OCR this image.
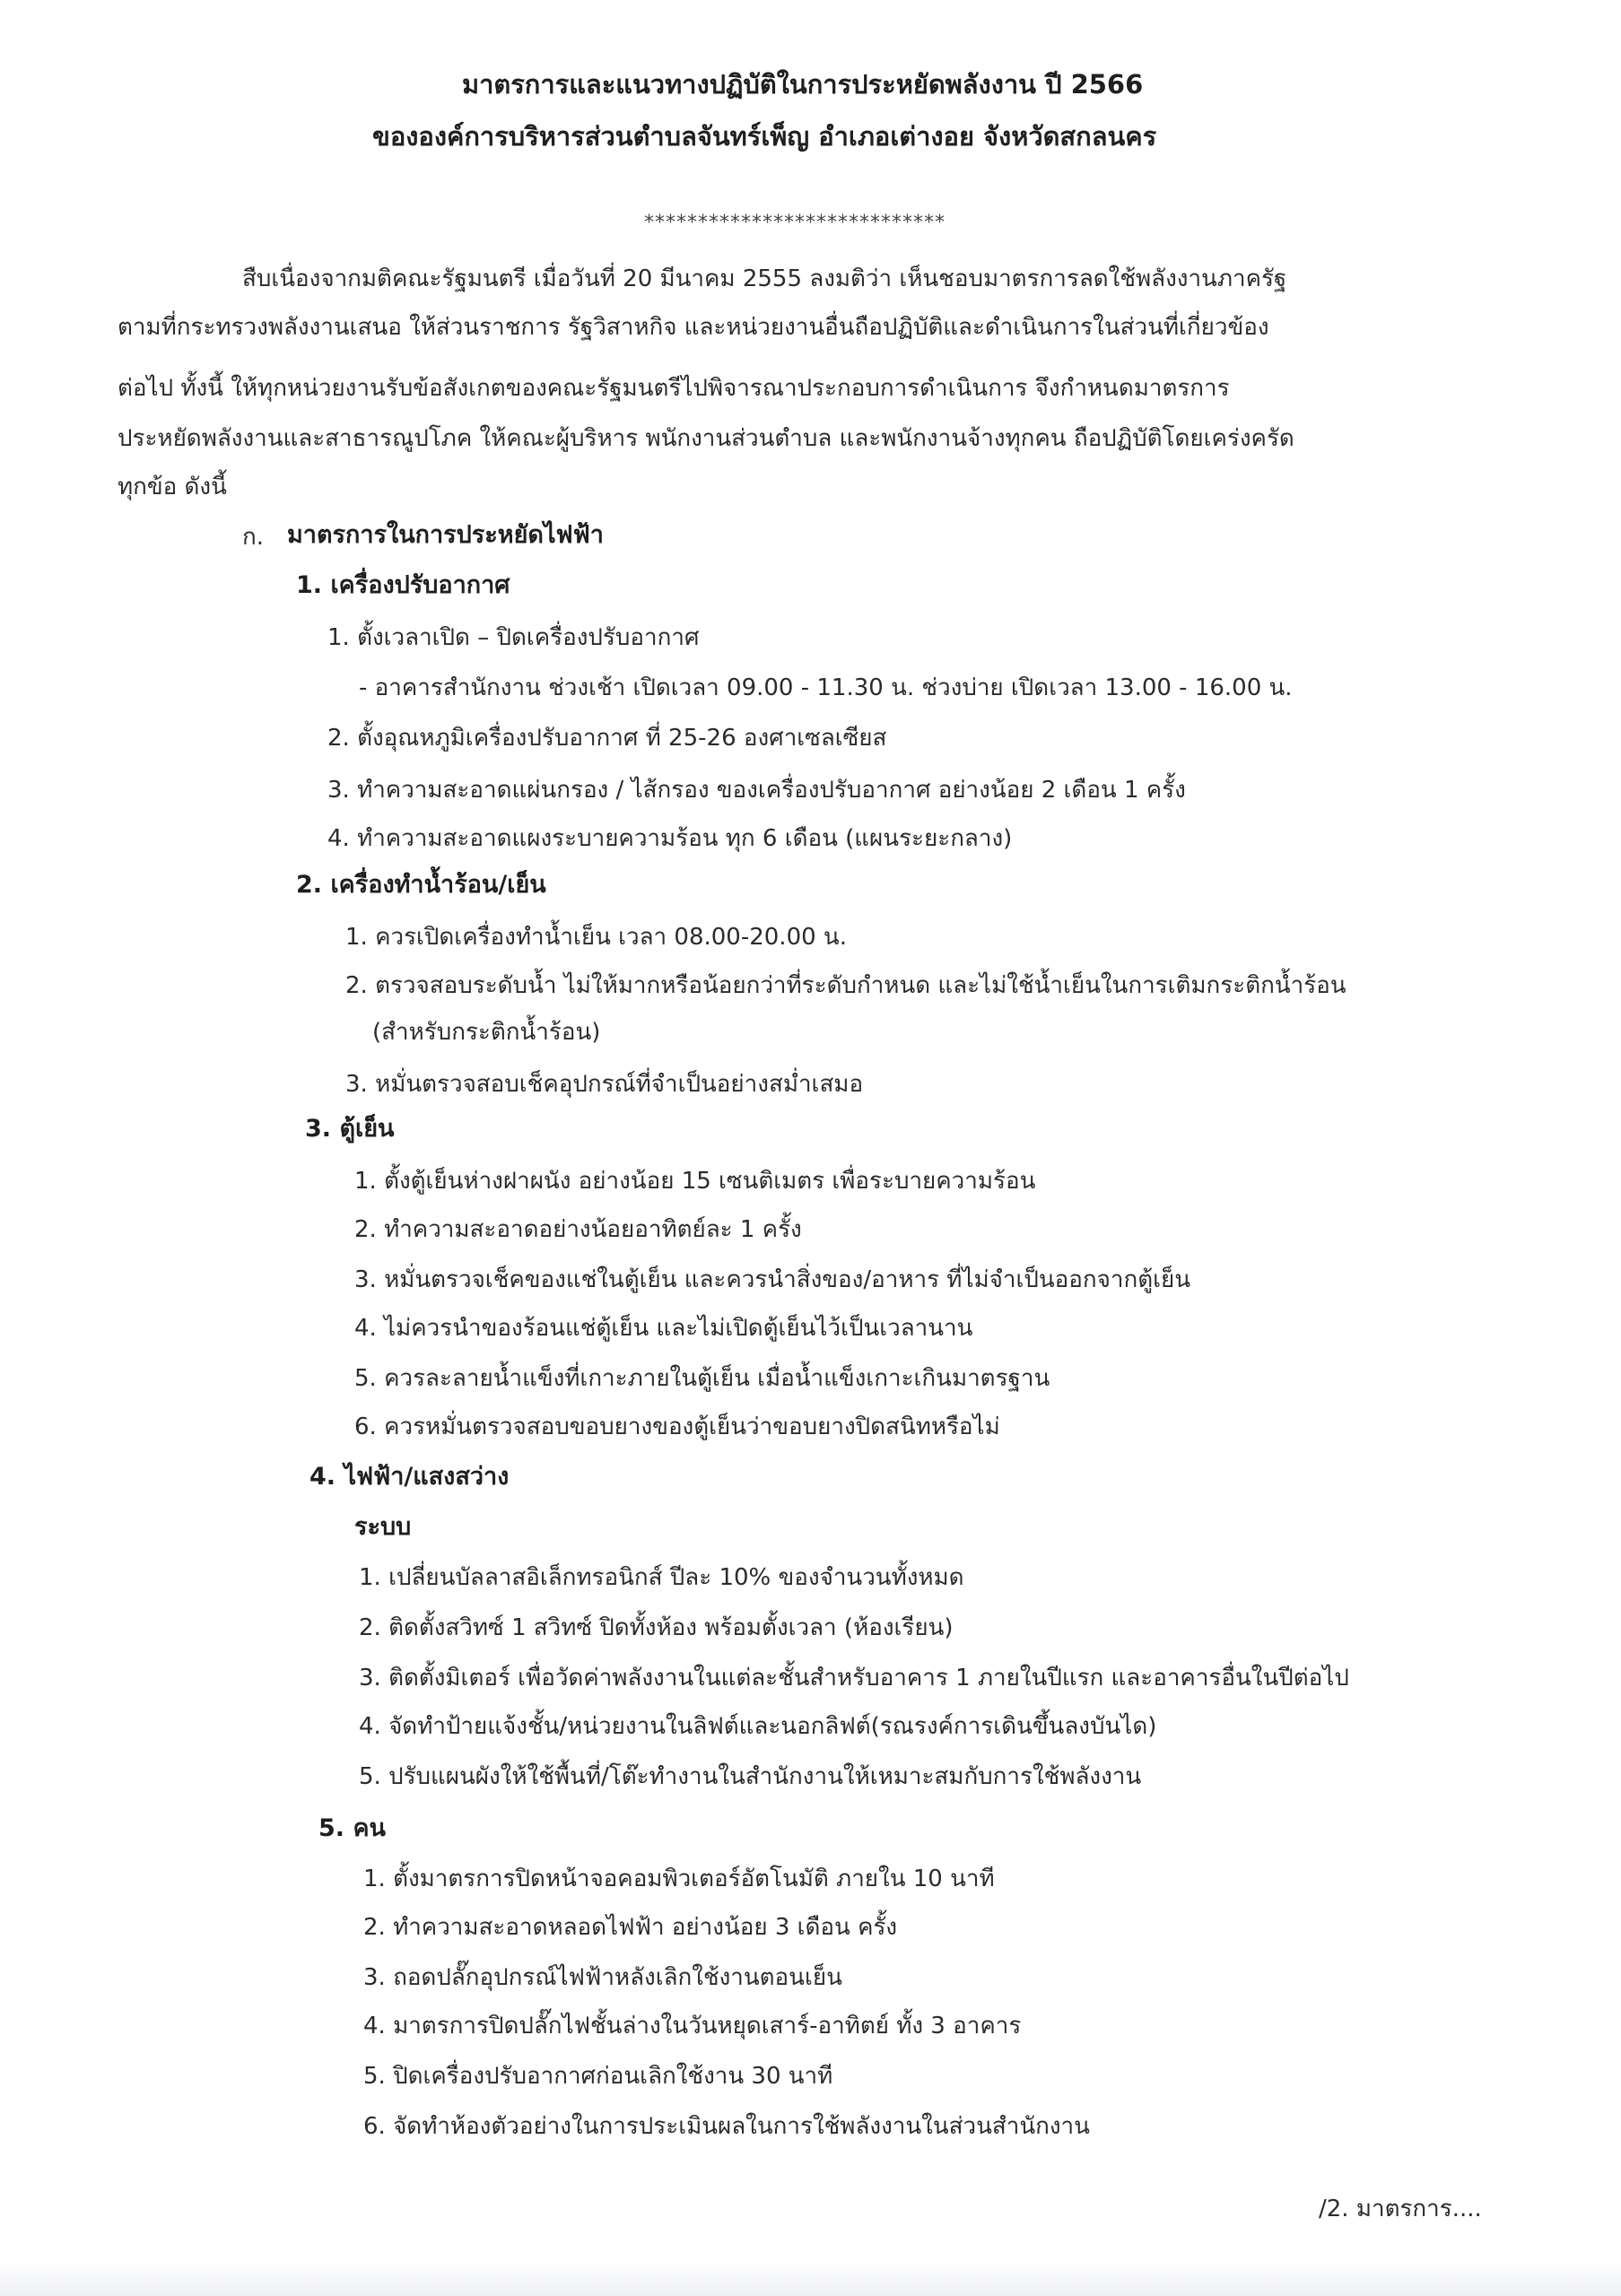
มาตรการและแนวทางปฏิบัติในการประหยัดพลังงาน ปี 2566
ขององค์การบริหารส่วนตำบลจันทร์เพ็ญ อำเภอเต่างอย จังหวัดสกลนคร
****************************
สืบเนื่องจากมติคณะรัฐมนตรี เมื่อวันที่ 20 มีนาคม 2555 ลงมติว่า เห็นชอบมาตรการลดใช้พลังงานภาครัฐ
ตามที่กระทรวงพลังงานเสนอ ให้ส่วนราชการ รัฐวิสาหกิจ และหน่วยงานอื่นถือปฏิบัติและดำเนินการในส่วนที่เกี่ยวข้อง
ต่อไป ทั้งนี้ ให้ทุกหน่วยงานรับข้อสังเกตของคณะรัฐมนตรีไปพิจารณาประกอบการดำเนินการ จึงกำหนดมาตรการ
ประหยัดพลังงานและสาธารณูปโภค ให้คณะผู้บริหาร พนักงานส่วนตำบล และพนักงานจ้างทุกคน ถือปฏิบัติโดยเคร่งครัด
ทุกข้อ ดังนี้
ก. มาตรการในการประหยัดไฟฟ้า
1. เครื่องปรับอากาศ
1. ตั้งเวลาเปิด – ปิดเครื่องปรับอากาศ
- อาคารสำนักงาน ช่วงเช้า เปิดเวลา 09.00 - 11.30 น. ช่วงบ่าย เปิดเวลา 13.00 - 16.00 น.
2. ตั้งอุณหภูมิเครื่องปรับอากาศ ที่ 25-26 องศาเซลเซียส
3. ทำความสะอาดแผ่นกรอง / ไส้กรอง ของเครื่องปรับอากาศ อย่างน้อย 2 เดือน 1 ครั้ง
4. ทำความสะอาดแผงระบายความร้อน ทุก 6 เดือน (แผนระยะกลาง)
2. เครื่องทำน้ำร้อน/เย็น
1. ควรเปิดเครื่องทำน้ำเย็น เวลา 08.00-20.00 น.
2. ตรวจสอบระดับน้ำ ไม่ให้มากหรือน้อยกว่าที่ระดับกำหนด และไม่ใช้น้ำเย็นในการเติมกระติกน้ำร้อน
(สำหรับกระติกน้ำร้อน)
3. หมั่นตรวจสอบเช็คอุปกรณ์ที่จำเป็นอย่างสม่ำเสมอ
3. ตู้เย็น
1. ตั้งตู้เย็นห่างฝาผนัง อย่างน้อย 15 เซนติเมตร เพื่อระบายความร้อน
2. ทำความสะอาดอย่างน้อยอาทิตย์ละ 1 ครั้ง
3. หมั่นตรวจเช็คของแช่ในตู้เย็น และควรนำสิ่งของ/อาหาร ที่ไม่จำเป็นออกจากตู้เย็น
4. ไม่ควรนำของร้อนแช่ตู้เย็น และไม่เปิดตู้เย็นไว้เป็นเวลานาน
5. ควรละลายน้ำแข็งที่เกาะภายในตู้เย็น เมื่อน้ำแข็งเกาะเกินมาตรฐาน
6. ควรหมั่นตรวจสอบขอบยางของตู้เย็นว่าขอบยางปิดสนิทหรือไม่
4. ไฟฟ้า/แสงสว่าง
ระบบ
1. เปลี่ยนบัลลาสอิเล็กทรอนิกส์ ปีละ 10% ของจำนวนทั้งหมด
2. ติดตั้งสวิทซ์ 1 สวิทซ์ ปิดทั้งห้อง พร้อมตั้งเวลา (ห้องเรียน)
3. ติดตั้งมิเตอร์ เพื่อวัดค่าพลังงานในแต่ละชั้นสำหรับอาคาร 1 ภายในปีแรก และอาคารอื่นในปีต่อไป
4. จัดทำป้ายแจ้งชั้น/หน่วยงานในลิฟต์และนอกลิฟต์(รณรงค์การเดินขึ้นลงบันได)
5. ปรับแผนผังให้ใช้พื้นที่/โต๊ะทำงานในสำนักงานให้เหมาะสมกับการใช้พลังงาน
5. คน
1. ตั้งมาตรการปิดหน้าจอคอมพิวเตอร์อัตโนมัติ ภายใน 10 นาที
2. ทำความสะอาดหลอดไฟฟ้า อย่างน้อย 3 เดือน ครั้ง
3. ถอดปลั๊กอุปกรณ์ไฟฟ้าหลังเลิกใช้งานตอนเย็น
4. มาตรการปิดปลั๊กไฟชั้นล่างในวันหยุดเสาร์-อาทิตย์ ทั้ง 3 อาคาร
5. ปิดเครื่องปรับอากาศก่อนเลิกใช้งาน 30 นาที
6. จัดทำห้องตัวอย่างในการประเมินผลในการใช้พลังงานในส่วนสำนักงาน
/2. มาตรการ....
